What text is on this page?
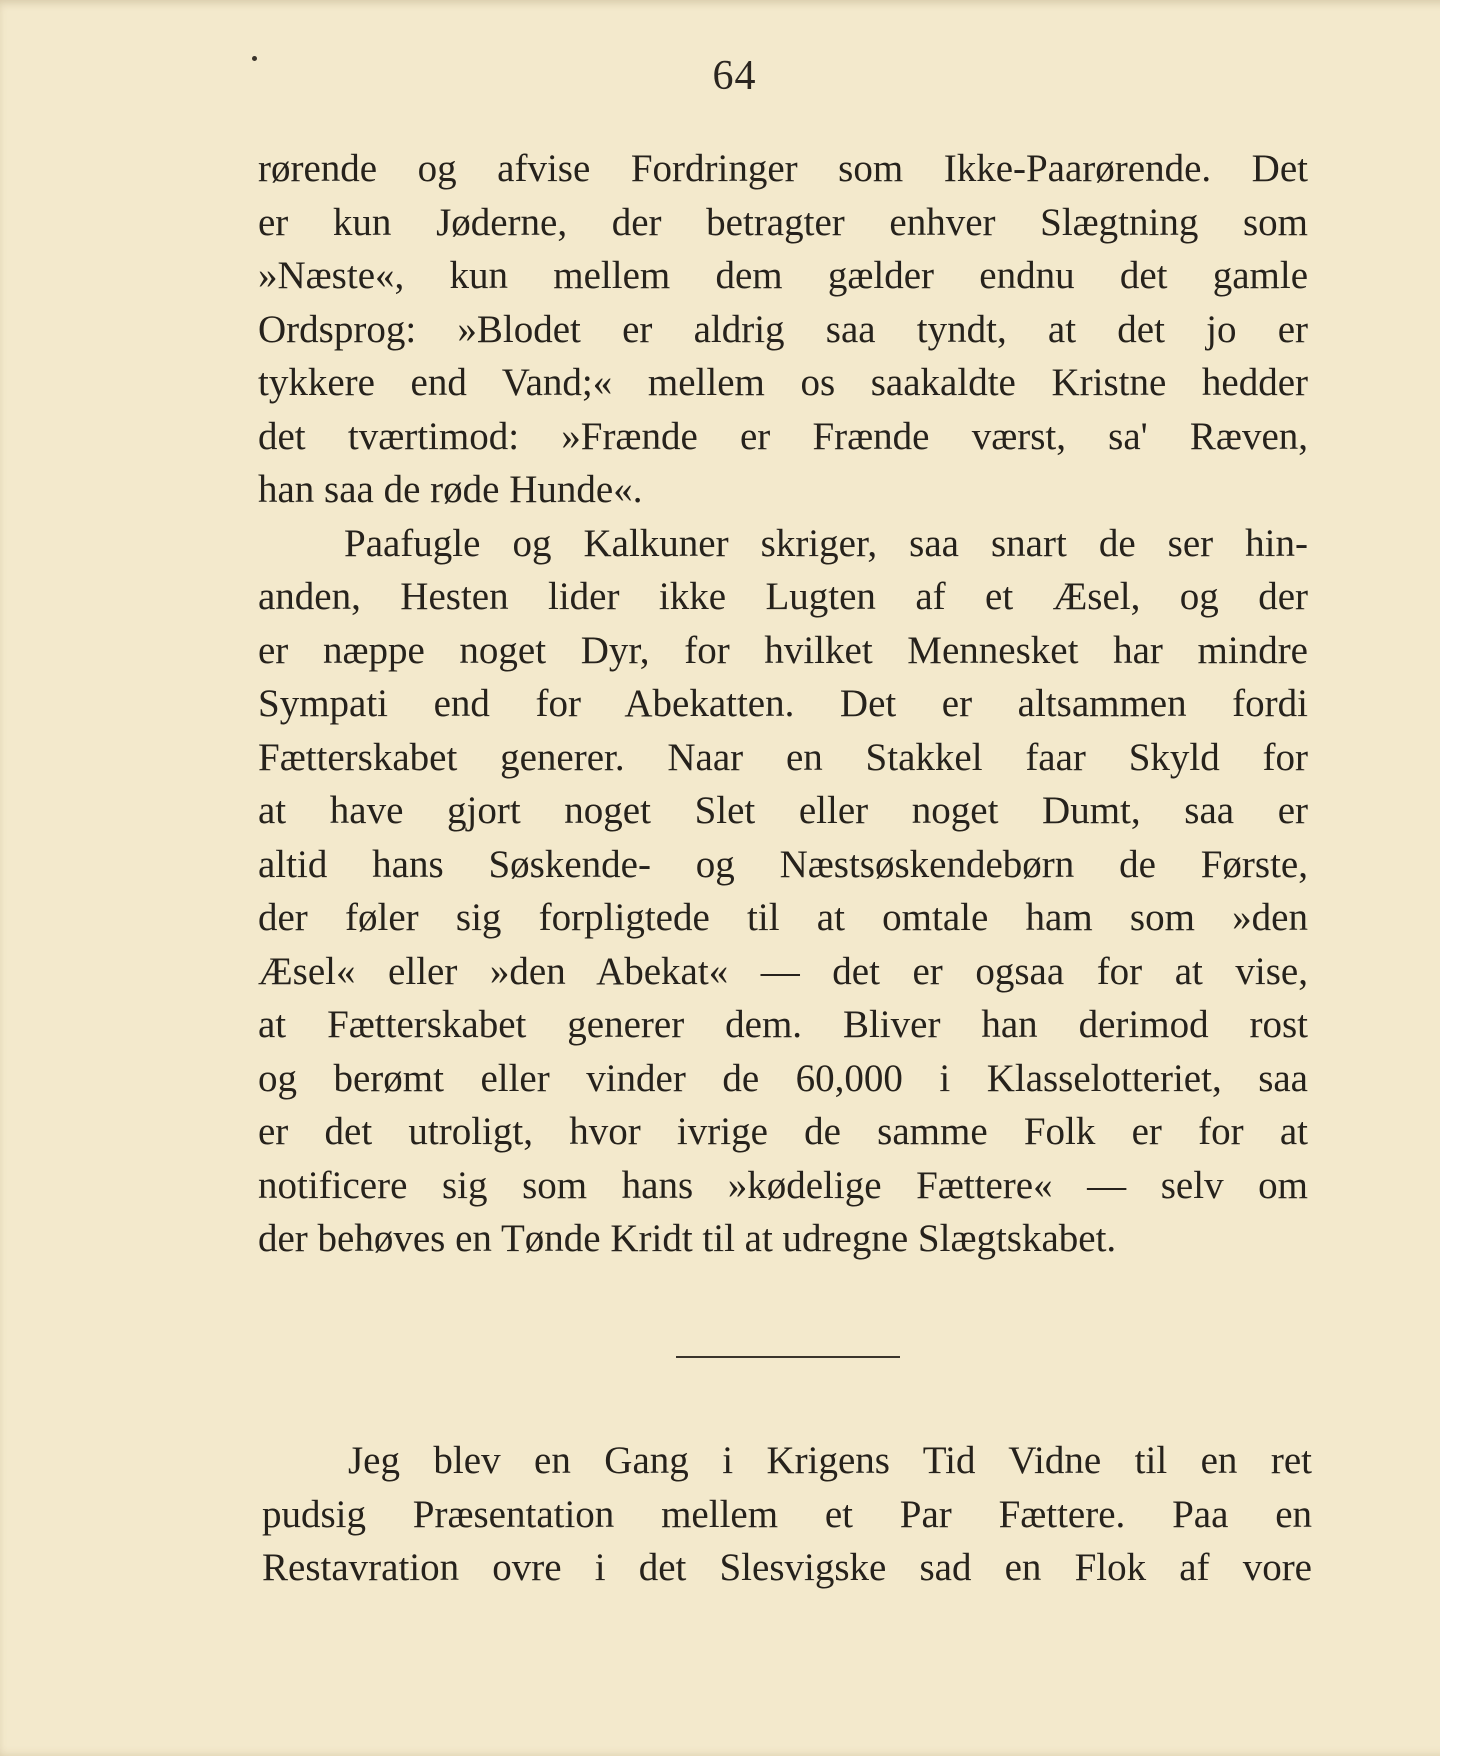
64
rørende og afvise Fordringer som Ikke-Paarørende. Det
er kun Jøderne, der betragter enhver Slægtning som
»Næste«, kun mellem dem gælder endnu det gamle
Ordsprog: »Blodet er aldrig saa tyndt, at det jo er
tykkere end Vand;« mellem os saakaldte Kristne hedder
det tværtimod: »Frænde er Frænde værst, sa' Ræven,
han saa de røde Hunde«.
Paafugle og Kalkuner skriger, saa snart de ser hin-
anden, Hesten lider ikke Lugten af et Æsel, og der
er næppe noget Dyr, for hvilket Mennesket har mindre
Sympati end for Abekatten. Det er altsammen fordi
Fætterskabet generer. Naar en Stakkel faar Skyld for
at have gjort noget Slet eller noget Dumt, saa er
altid hans Søskende- og Næstsøskendebørn de Første,
der føler sig forpligtede til at omtale ham som »den
Æsel« eller »den Abekat« — det er ogsaa for at vise,
at Fætterskabet generer dem. Bliver han derimod rost
og berømt eller vinder de 60,000 i Klasselotteriet, saa
er det utroligt, hvor ivrige de samme Folk er for at
notificere sig som hans »kødelige Fættere« — selv om
der behøves en Tønde Kridt til at udregne Slægtskabet.
Jeg blev en Gang i Krigens Tid Vidne til en ret
pudsig Præsentation mellem et Par Fættere. Paa en
Restavration ovre i det Slesvigske sad en Flok af vore
